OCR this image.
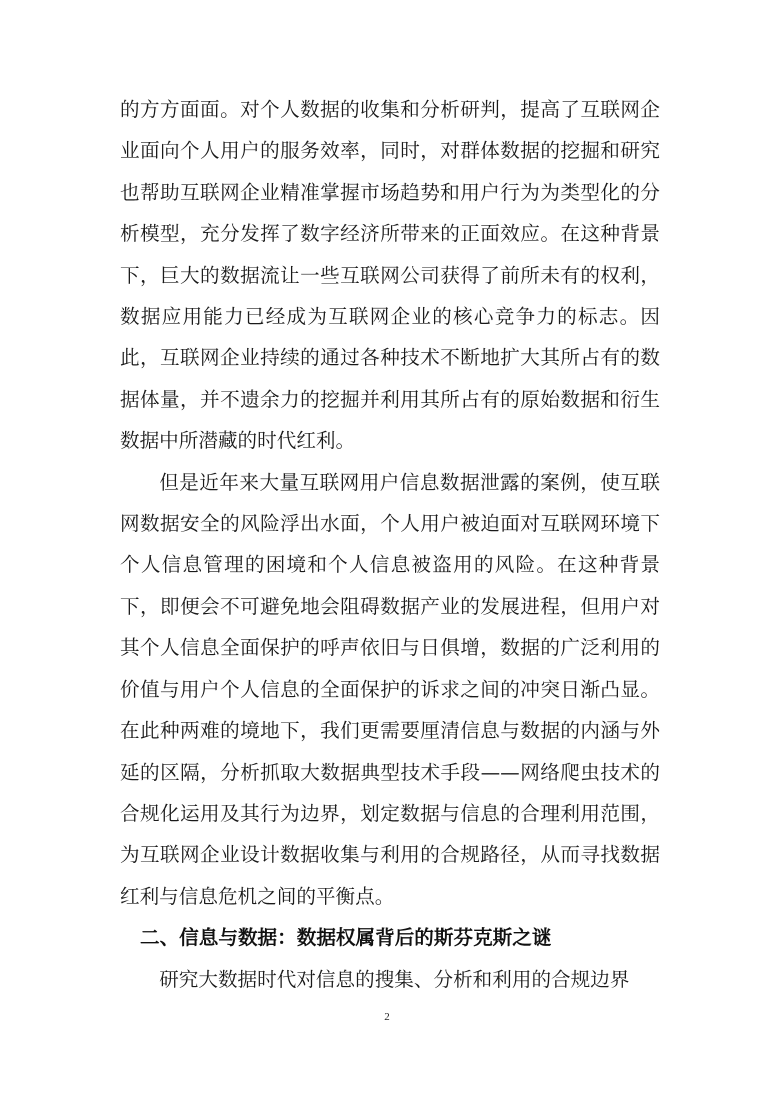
的方方面面。对个人数据的收集和分析研判，提高了互联网企业面向个人用户的服务效率，同时，对群体数据的挖掘和研究也帮助互联网企业精准掌握市场趋势和用户行为为类型化的分析模型，充分发挥了数字经济所带来的正面效应。在这种背景下，巨大的数据流让一些互联网公司获得了前所未有的权利，数据应用能力已经成为互联网企业的核心竞争力的标志。因此，互联网企业持续的通过各种技术不断地扩大其所占有的数据体量，并不遗余力的挖掘并利用其所占有的原始数据和衍生数据中所潜藏的时代红利。

但是近年来大量互联网用户信息数据泄露的案例，使互联网数据安全的风险浮出水面，个人用户被迫面对互联网环境下个人信息管理的困境和个人信息被盗用的风险。在这种背景下，即便会不可避免地会阻碍数据产业的发展进程，但用户对其个人信息全面保护的呼声依旧与日俱增，数据的广泛利用的价值与用户个人信息的全面保护的诉求之间的冲突日渐凸显。在此种两难的境地下，我们更需要厘清信息与数据的内涵与外延的区隔，分析抓取大数据典型技术手段——网络爬虫技术的合规化运用及其行为边界，划定数据与信息的合理利用范围，为互联网企业设计数据收集与利用的合规路径，从而寻找数据红利与信息危机之间的平衡点。

二、信息与数据：数据权属背后的斯芬克斯之谜

研究大数据时代对信息的搜集、分析和利用的合规边界

2
